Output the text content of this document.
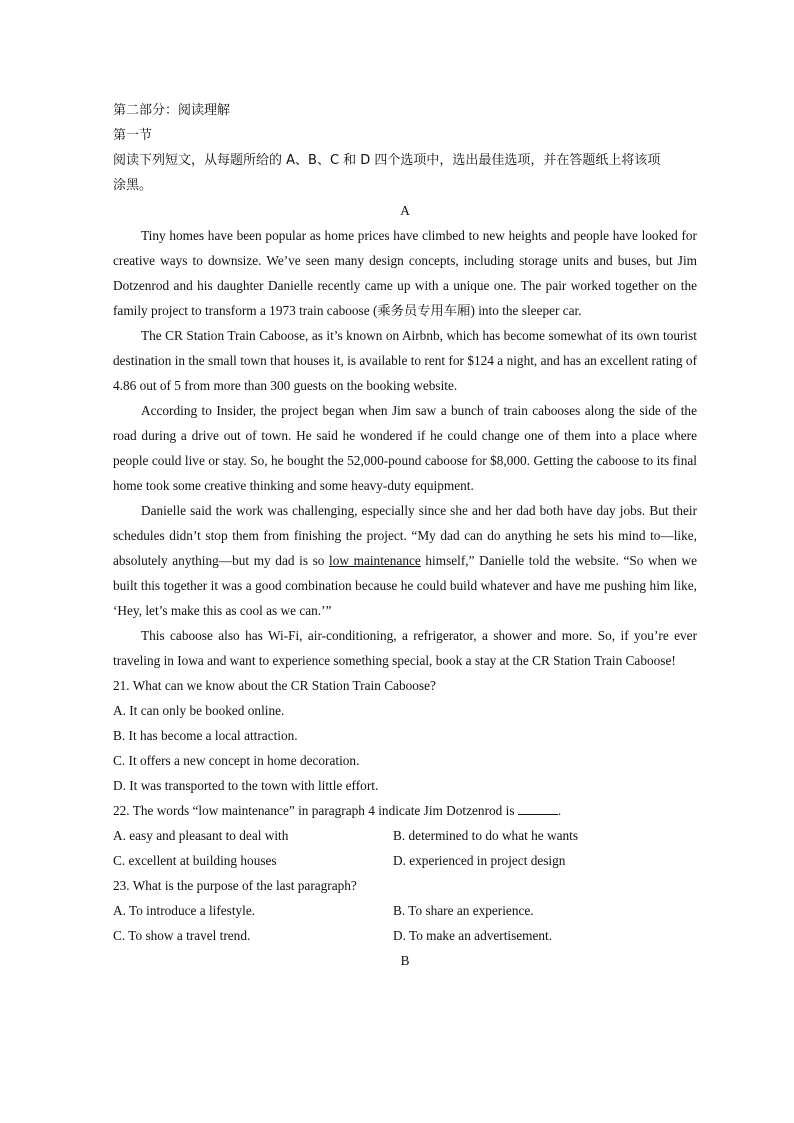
第二部分：阅读理解
第一节
阅读下列短文，从每题所给的 A、B、C 和 D 四个选项中，选出最佳选项，并在答题纸上将该项
涂黑。
A

Tiny homes have been popular as home prices have climbed to new heights and people have looked for creative ways to downsize. We’ve seen many design concepts, including storage units and buses, but Jim Dotzenrod and his daughter Danielle recently came up with a unique one. The pair worked together on the family project to transform a 1973 train caboose (乘务员专用车厢) into the sleeper car.

The CR Station Train Caboose, as it’s known on Airbnb, which has become somewhat of its own tourist destination in the small town that houses it, is available to rent for $124 a night, and has an excellent rating of 4.86 out of 5 from more than 300 guests on the booking website.

According to Insider, the project began when Jim saw a bunch of train cabooses along the side of the road during a drive out of town. He said he wondered if he could change one of them into a place where people could live or stay. So, he bought the 52,000-pound caboose for $8,000. Getting the caboose to its final home took some creative thinking and some heavy-duty equipment.

Danielle said the work was challenging, especially since she and her dad both have day jobs. But their schedules didn’t stop them from finishing the project. “My dad can do anything he sets his mind to—like, absolutely anything—but my dad is so low maintenance himself,” Danielle told the website. “So when we built this together it was a good combination because he could build whatever and have me pushing him like, ‘Hey, let’s make this as cool as we can.’”

This caboose also has Wi-Fi, air-conditioning, a refrigerator, a shower and more. So, if you’re ever traveling in Iowa and want to experience something special, book a stay at the CR Station Train Caboose!

21. What can we know about the CR Station Train Caboose?
A. It can only be booked online.
B. It has become a local attraction.
C. It offers a new concept in home decoration.
D. It was transported to the town with little effort.
22. The words “low maintenance” in paragraph 4 indicate Jim Dotzenrod is	.
A. easy and pleasant to deal with	B. determined to do what he wants
C. excellent at building houses	D. experienced in project design
23. What is the purpose of the last paragraph?
A. To introduce a lifestyle.	B. To share an experience.
C. To show a travel trend.	D. To make an advertisement.
B
